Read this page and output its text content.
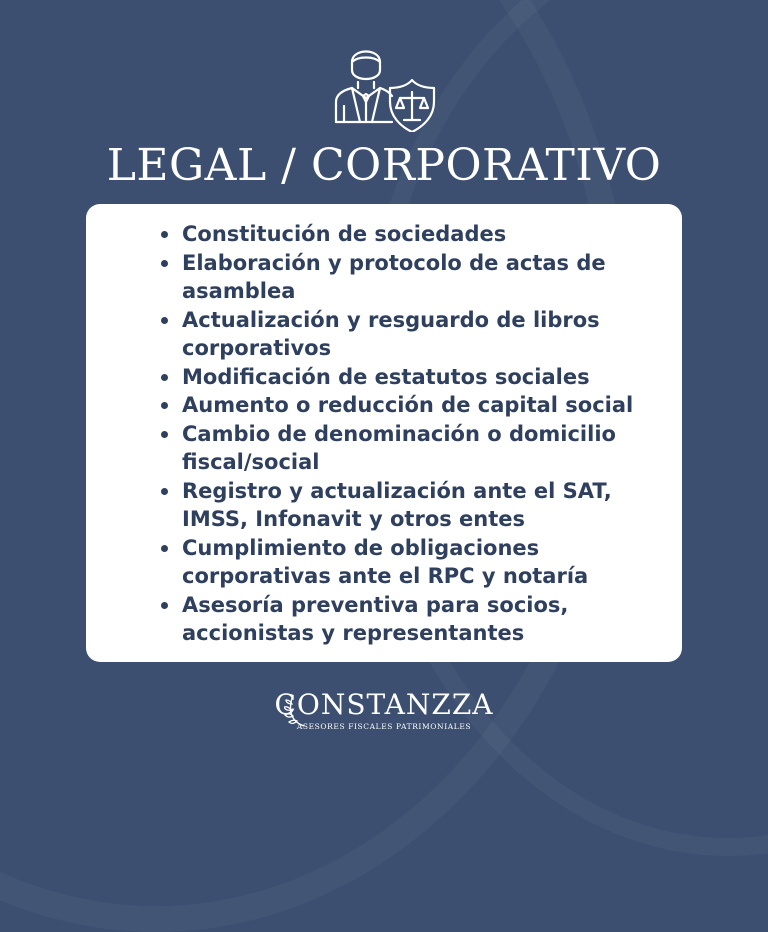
LEGAL / CORPORATIVO
Constitución de sociedades
Elaboración y protocolo de actas de asamblea
Actualización y resguardo de libros corporativos
Modificación de estatutos sociales
Aumento o reducción de capital social
Cambio de denominación o domicilio fiscal/social
Registro y actualización ante el SAT, IMSS, Infonavit y otros entes
Cumplimiento de obligaciones corporativas ante el RPC y notaría
Asesoría preventiva para socios, accionistas y representantes
CONSTANZZA
ASESORES FISCALES PATRIMONIALES
